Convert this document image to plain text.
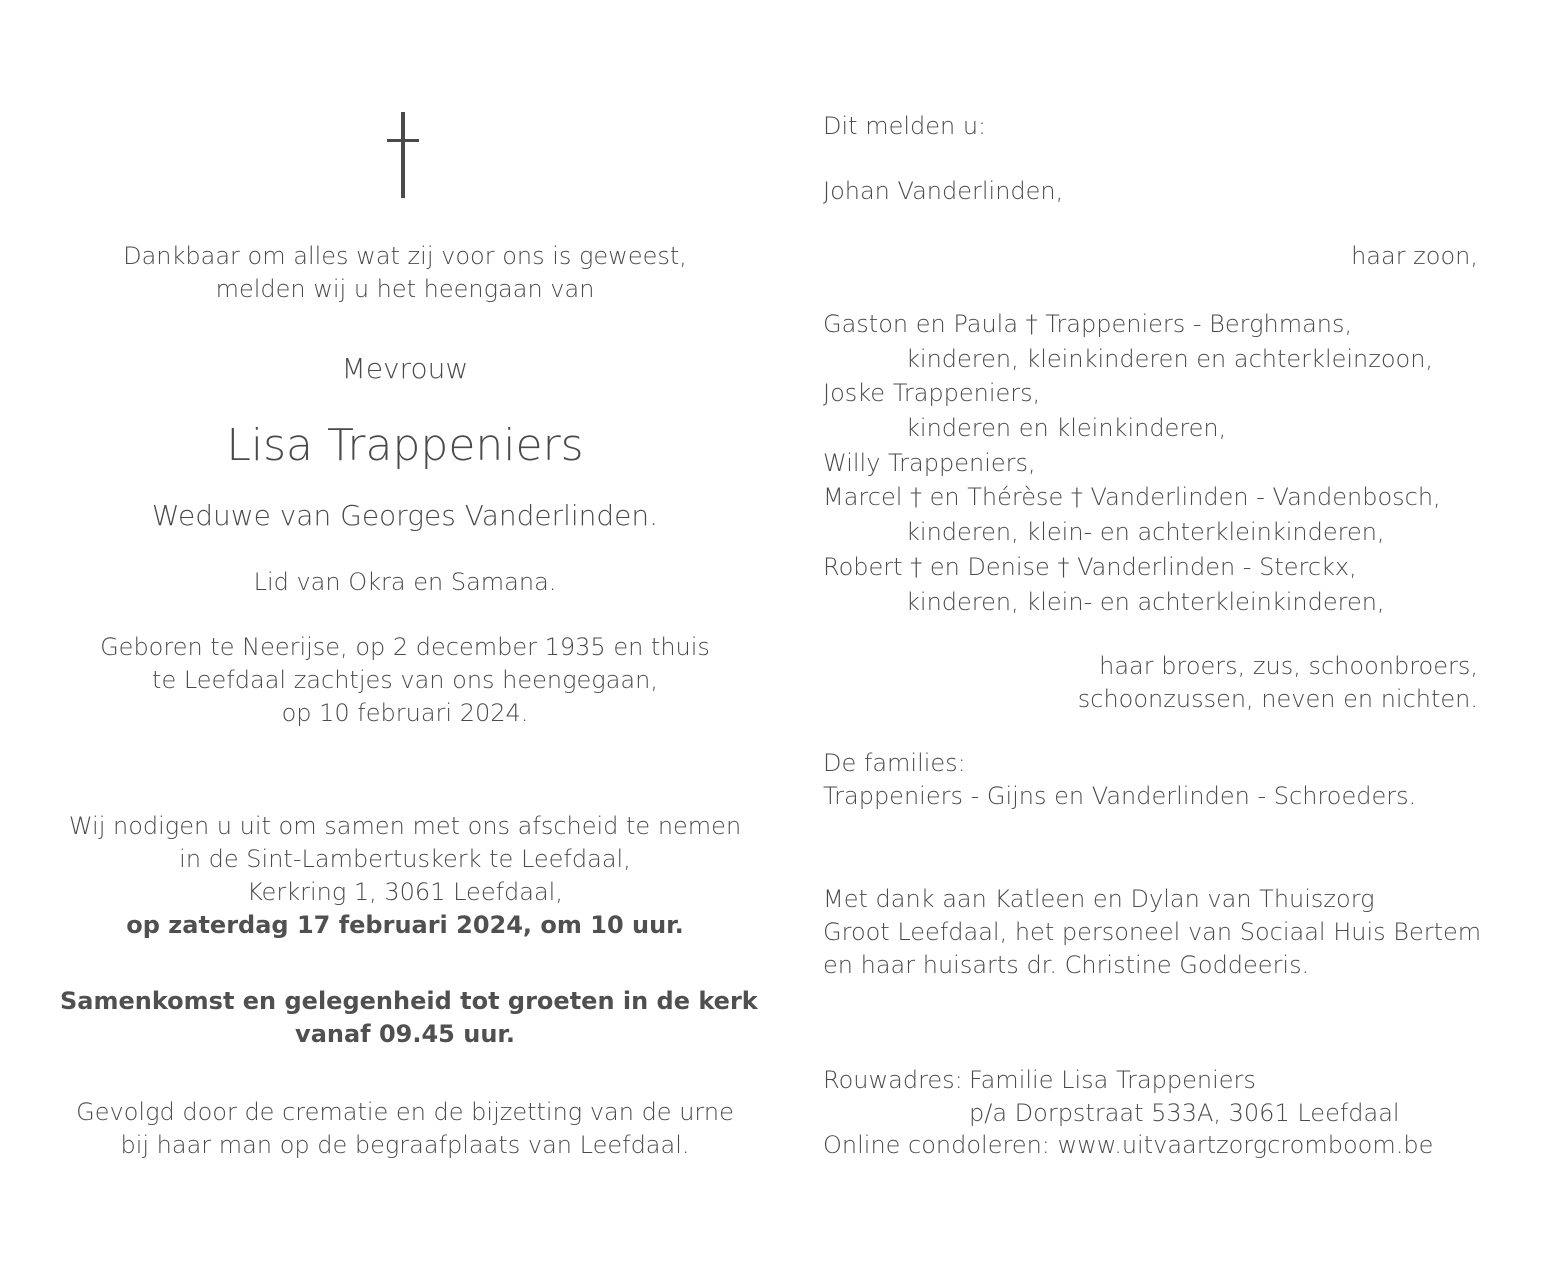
Dankbaar om alles wat zij voor ons is geweest,
melden wij u het heengaan van
Mevrouw
Lisa Trappeniers
Weduwe van Georges Vanderlinden.
Lid van Okra en Samana.
Geboren te Neerijse, op 2 december 1935 en thuis
te Leefdaal zachtjes van ons heengegaan,
op 10 februari 2024.
Wij nodigen u uit om samen met ons afscheid te nemen
in de Sint-Lambertuskerk te Leefdaal,
Kerkring 1, 3061 Leefdaal,
op zaterdag 17 februari 2024, om 10 uur.
Samenkomst en gelegenheid tot groeten in de kerk
vanaf 09.45 uur.
Gevolgd door de crematie en de bijzetting van de urne
bij haar man op de begraafplaats van Leefdaal.
Dit melden u:
Johan Vanderlinden,
haar zoon,
Gaston en Paula † Trappeniers - Berghmans,
kinderen, kleinkinderen en achterkleinzoon,
Joske Trappeniers,
kinderen en kleinkinderen,
Willy Trappeniers,
Marcel † en Thérèse † Vanderlinden - Vandenbosch,
kinderen, klein- en achterkleinkinderen,
Robert † en Denise † Vanderlinden - Sterckx,
kinderen, klein- en achterkleinkinderen,
haar broers, zus, schoonbroers,
schoonzussen, neven en nichten.
De families:
Trappeniers - Gijns en Vanderlinden - Schroeders.
Met dank aan Katleen en Dylan van Thuiszorg
Groot Leefdaal, het personeel van Sociaal Huis Bertem
en haar huisarts dr. Christine Goddeeris.
Rouwadres: Familie Lisa Trappeniers
p/a Dorpstraat 533A, 3061 Leefdaal
Online condoleren: www.uitvaartzorgcromboom.be
